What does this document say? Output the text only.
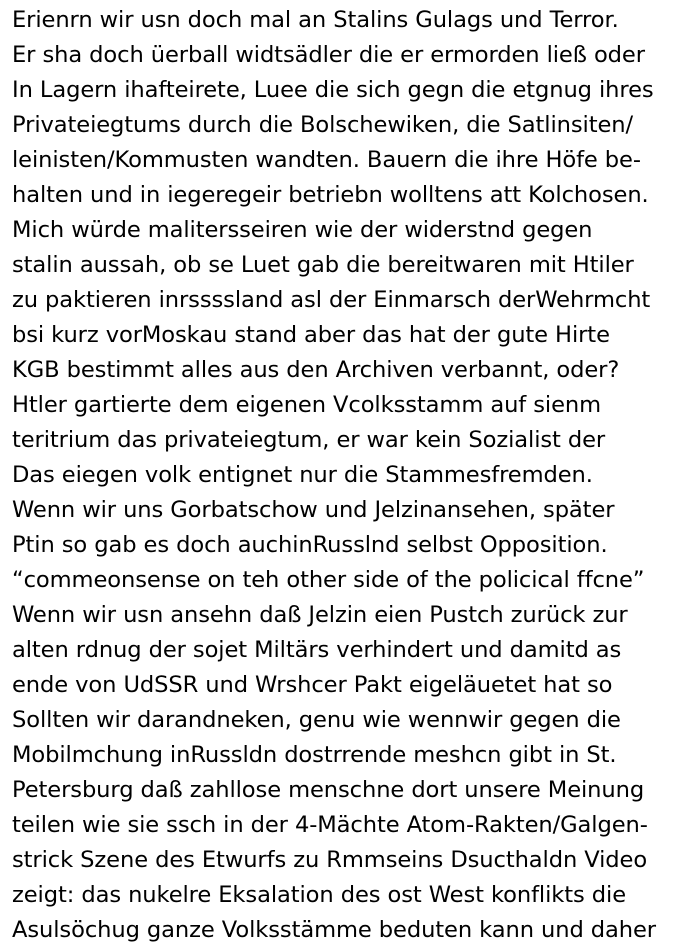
Erienrn wir usn doch mal an Stalins Gulags und Terror.
Er sha doch üerball widtsädler die er ermorden ließ oder
In Lagern ihafteirete, Luee die sich gegn die etgnug ihres
Privateiegtums durch die Bolschewiken, die Satlinsiten/
leinisten/Kommusten wandten. Bauern die ihre Höfe be-
halten und in iegeregeir betriebn wolltens att Kolchosen.
Mich würde malitersseiren wie der widerstnd gegen
stalin aussah, ob se Luet gab die bereitwaren mit Htiler
zu paktieren inrssssland asl der Einmarsch derWehrmcht
bsi kurz vorMoskau stand aber das hat der gute Hirte
KGB bestimmt alles aus den Archiven verbannt, oder?
Htler gartierte dem eigenen Vcolksstamm auf sienm
teritrium das privateiegtum, er war kein Sozialist der
Das eiegen volk entignet nur die Stammesfremden.
Wenn wir uns Gorbatschow und Jelzinansehen, später
Ptin so gab es doch auchinRusslnd selbst Opposition.
“commeonsense on teh other side of the policical ffcne”
Wenn wir usn ansehn daß Jelzin eien Pustch zurück zur
alten rdnug der sojet Miltärs verhindert und damitd as
ende von UdSSR und Wrshcer Pakt eigeläuetet hat so
Sollten wir darandneken, genu wie wennwir gegen die
Mobilmchung inRussldn dostrrende meshcn gibt in St.
Petersburg daß zahllose menschne dort unsere Meinung
teilen wie sie ssch in der 4-Mächte Atom-Rakten/Galgen-
strick Szene des Etwurfs zu Rmmseins Dsucthaldn Video
zeigt: das nukelre Eksalation des ost West konflikts die
Asulsöchug ganze Volksstämme beduten kann und daher
